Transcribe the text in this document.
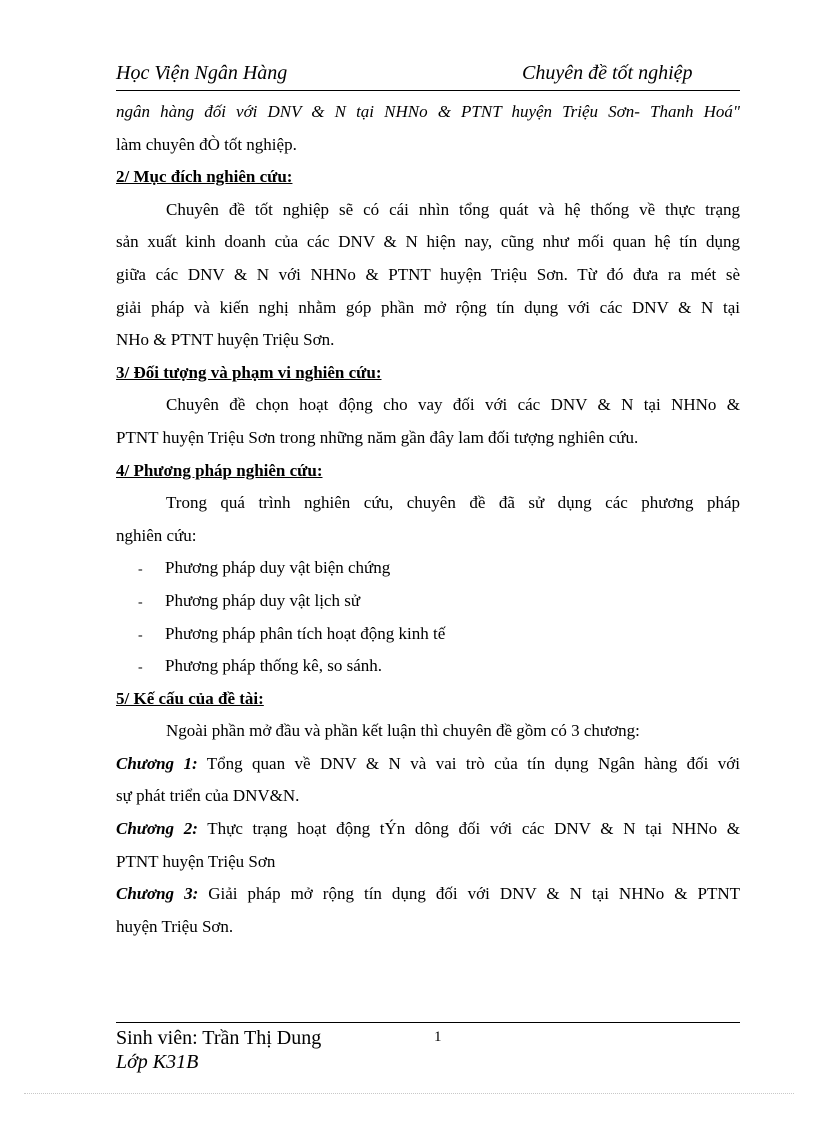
Học Viện Ngân Hàng	Chuyên đề tốt nghiệp
ngân hàng đối với DNV & N tại NHNo & PTNT huyện Triệu Sơn- Thanh Hoá"
làm chuyên đÒ tốt nghiệp.
2/ Mục đích nghiên cứu:
Chuyên đề tốt nghiệp sẽ có cái nhìn tổng quát và hệ thống về thực trạng
sản xuất kinh doanh của các DNV & N hiện nay, cũng như mối quan hệ tín dụng
giữa các DNV & N với NHNo & PTNT huyện Triệu Sơn. Từ đó đưa ra mét sè
giải pháp và kiến nghị nhằm góp phần mở rộng tín dụng với các DNV & N tại
NHo & PTNT huyện Triệu Sơn.
3/ Đối tượng và phạm vi nghiên cứu:
Chuyên đề chọn hoạt động cho vay đối với các DNV & N tại NHNo &
PTNT huyện Triệu Sơn trong những năm gần đây lam đối tượng nghiên cứu.
4/ Phương pháp nghiên cứu:
Trong quá trình nghiên cứu, chuyên đề đã sử dụng các phương pháp
nghiên cứu:
- Phương pháp duy vật biện chứng
- Phương pháp duy vật lịch sử
- Phương pháp phân tích hoạt động kinh tế
- Phương pháp thống kê, so sánh.
5/ Kế cấu của đề tài:
Ngoài phần mở đầu và phần kết luận thì chuyên đề gồm có 3 chương:
Chương 1: Tổng quan về DNV & N và vai trò của tín dụng Ngân hàng đối với
sự phát triển của DNV&N.
Chương 2: Thực trạng hoạt động tÝn dông đối với các DNV & N tại NHNo &
PTNT huyện Triệu Sơn
Chương 3: Giải pháp mở rộng tín dụng đối với DNV & N tại NHNo & PTNT
huyện Triệu Sơn.
Sinh viên: Trần Thị Dung
Lớp K31B
1
